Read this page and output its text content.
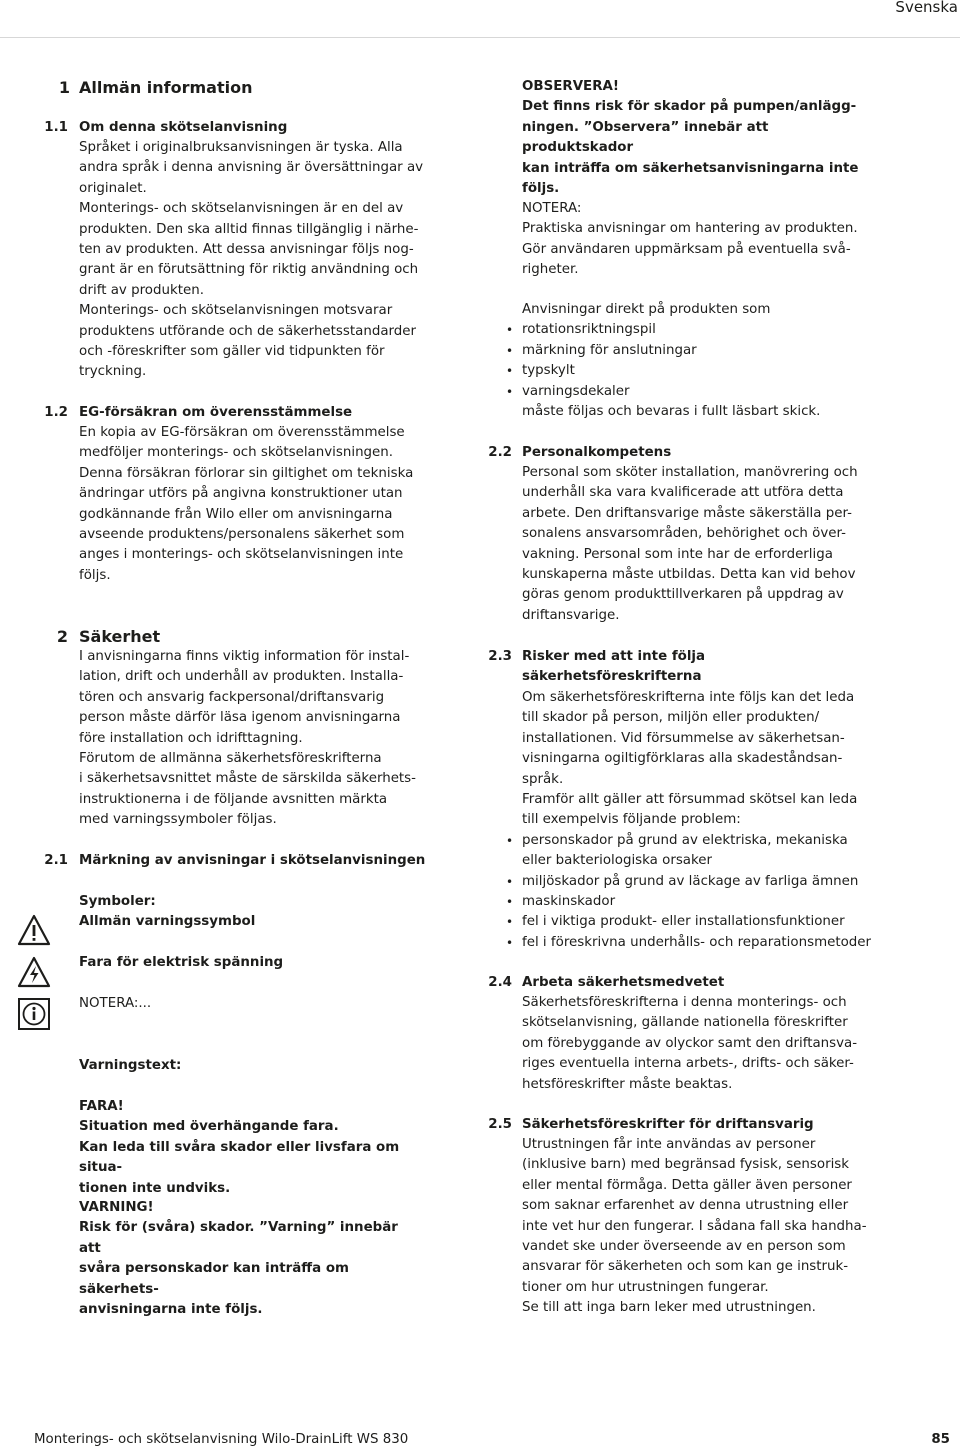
Svenska
1 Allmän information
1.1 Om denna skötselanvisning

Språket i originalbruksanvisningen är tyska. Alla

andra språk i denna anvisning är översättningar av

originalet.

Monterings- och skötselanvisningen är en del av

produkten. Den ska alltid finnas tillgänglig i närhe-

ten av produkten. Att dessa anvisningar följs nog-

grant är en förutsättning för riktig användning och

drift av produkten.

Monterings- och skötselanvisningen motsvarar

produktens utförande och de säkerhetsstandarder

och -föreskrifter som gäller vid tidpunkten för

tryckning.

1.2 EG-försäkran om överensstämmelse

En kopia av EG-försäkran om överensstämmelse

medföljer monterings- och skötselanvisningen.

Denna försäkran förlorar sin giltighet om tekniska

ändringar utförs på angivna konstruktioner utan

godkännande från Wilo eller om anvisningarna

avseende produktens/personalens säkerhet som

anges i monterings- och skötselanvisningen inte

följs.

2 Säkerhet

I anvisningarna finns viktig information för instal-

lation, drift och underhåll av produkten. Installa-

tören och ansvarig fackpersonal/driftansvarig

person måste därför läsa igenom anvisningarna

före installation och idrifttagning.

Förutom de allmänna säkerhetsföreskrifterna

i säkerhetsavsnittet måste de särskilda säkerhets-

instruktionerna i de följande avsnitten märkta

med varningssymboler följas.

2.1 Märkning av anvisningar i skötselanvisningen
Symboler:
Allmän varningssymbol
Fara för elektrisk spänning
NOTERA:...
Varningstext:

FARA!

Situation med överhängande fara.

Kan leda till svåra skador eller livsfara om situa-

tionen inte undviks.

VARNING!

Risk för (svåra) skador. ”Varning” innebär att

svåra personskador kan inträffa om säkerhets-

anvisningarna inte följs.

OBSERVERA!

Det finns risk för skador på pumpen/anlägg-

ningen. ”Observera” innebär att produktskador

kan inträffa om säkerhetsanvisningarna inte

följs.

NOTERA:

Praktiska anvisningar om hantering av produkten.

Gör användaren uppmärksam på eventuella svå-

righeter.

Anvisningar direkt på produkten som

• rotationsriktningspil
• märkning för anslutningar
• typskylt
• varningsdekaler

måste följas och bevaras i fullt läsbart skick.

2.2 Personalkompetens

Personal som sköter installation, manövrering och

underhåll ska vara kvalificerade att utföra detta

arbete. Den driftansvarige måste säkerställa per-

sonalens ansvarsområden, behörighet och över-

vakning. Personal som inte har de erforderliga

kunskaperna måste utbildas. Detta kan vid behov

göras genom produkttillverkaren på uppdrag av

driftansvarige.

2.3 Risker med att inte följa

säkerhetsföreskrifterna

Om säkerhetsföreskrifterna inte följs kan det leda

till skador på person, miljön eller produkten/

installationen. Vid försummelse av säkerhetsan-

visningarna ogiltigförklaras alla skadeståndsan-

språk.

Framför allt gäller att försummad skötsel kan leda

till exempelvis följande problem:

• personskador på grund av elektriska, mekaniska

eller bakteriologiska orsaker

• miljöskador på grund av läckage av farliga ämnen

• maskinskador

• fel i viktiga produkt- eller installationsfunktioner

• fel i föreskrivna underhålls- och reparationsmetoder

2.4 Arbeta säkerhetsmedvetet

Säkerhetsföreskrifterna i denna monterings- och

skötselanvisning, gällande nationella föreskrifter

om förebyggande av olyckor samt den driftansva-

riges eventuella interna arbets-, drifts- och säker-

hetsföreskrifter måste beaktas.

2.5 Säkerhetsföreskrifter för driftansvarig

Utrustningen får inte användas av personer

(inklusive barn) med begränsad fysisk, sensorisk

eller mental förmåga. Detta gäller även personer

som saknar erfarenhet av denna utrustning eller

inte vet hur den fungerar. I sådana fall ska handha-

vandet ske under överseende av en person som

ansvarar för säkerheten och som kan ge instruk-

tioner om hur utrustningen fungerar.

Se till att inga barn leker med utrustningen.

Monterings- och skötselanvisning Wilo-DrainLift WS 830	85
